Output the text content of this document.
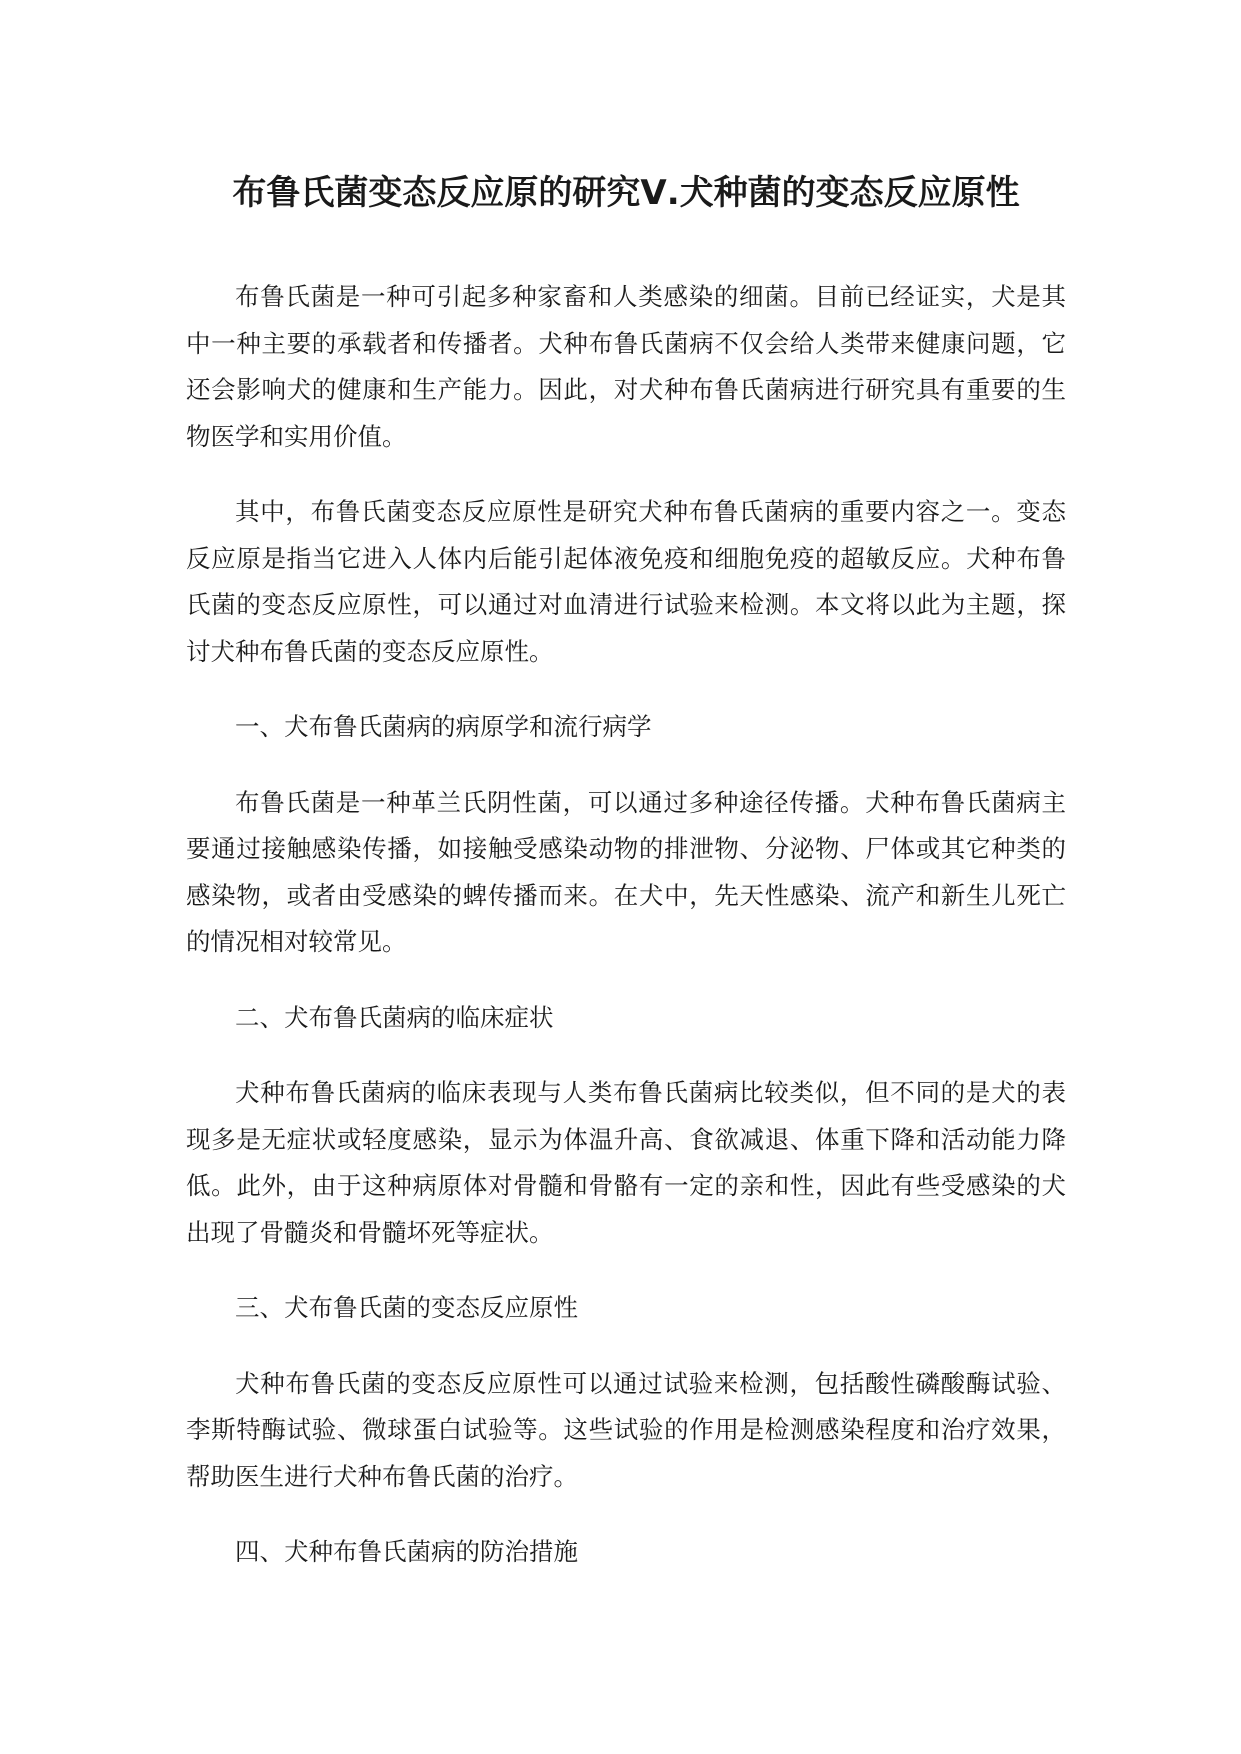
布鲁氏菌变态反应原的研究Ⅴ.犬种菌的变态反应原性

布鲁氏菌是一种可引起多种家畜和人类感染的细菌。目前已经证实，犬是其中一种主要的承载者和传播者。犬种布鲁氏菌病不仅会给人类带来健康问题，它还会影响犬的健康和生产能力。因此，对犬种布鲁氏菌病进行研究具有重要的生物医学和实用价值。

其中，布鲁氏菌变态反应原性是研究犬种布鲁氏菌病的重要内容之一。变态反应原是指当它进入人体内后能引起体液免疫和细胞免疫的超敏反应。犬种布鲁氏菌的变态反应原性，可以通过对血清进行试验来检测。本文将以此为主题，探讨犬种布鲁氏菌的变态反应原性。

一、犬布鲁氏菌病的病原学和流行病学

布鲁氏菌是一种革兰氏阴性菌，可以通过多种途径传播。犬种布鲁氏菌病主要通过接触感染传播，如接触受感染动物的排泄物、分泌物、尸体或其它种类的感染物，或者由受感染的蜱传播而来。在犬中，先天性感染、流产和新生儿死亡的情况相对较常见。

二、犬布鲁氏菌病的临床症状

犬种布鲁氏菌病的临床表现与人类布鲁氏菌病比较类似，但不同的是犬的表现多是无症状或轻度感染，显示为体温升高、食欲减退、体重下降和活动能力降低。此外，由于这种病原体对骨髓和骨骼有一定的亲和性，因此有些受感染的犬出现了骨髓炎和骨髓坏死等症状。

三、犬布鲁氏菌的变态反应原性

犬种布鲁氏菌的变态反应原性可以通过试验来检测，包括酸性磷酸酶试验、李斯特酶试验、微球蛋白试验等。这些试验的作用是检测感染程度和治疗效果，帮助医生进行犬种布鲁氏菌的治疗。

四、犬种布鲁氏菌病的防治措施
